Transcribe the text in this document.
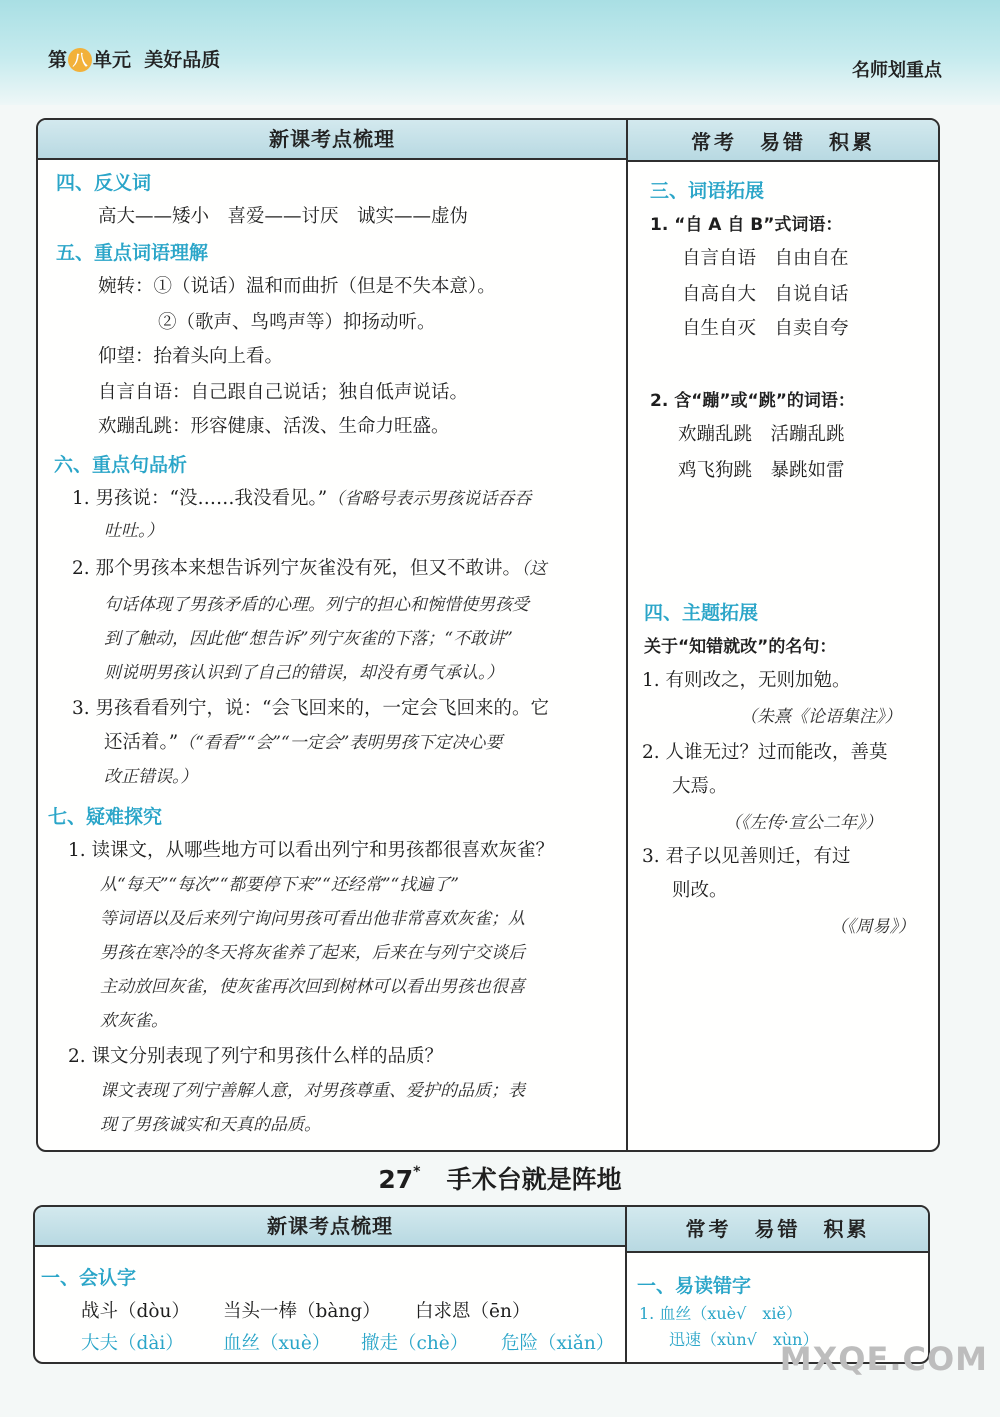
第 八 单元 美好品质	名师划重点
新课考点梳理	常考　易错　积累
四、反义词
高大——矮小　喜爱——讨厌　诚实——虚伪
五、重点词语理解
婉转：①（说话）温和而曲折（但是不失本意）。
②（歌声、鸟鸣声等）抑扬动听。
仰望：抬着头向上看。
自言自语：自己跟自己说话；独自低声说话。
欢蹦乱跳：形容健康、活泼、生命力旺盛。
六、重点句品析
1. 男孩说：“没……我没看见。”（省略号表示男孩说话吞吞
吐吐。）
2. 那个男孩本来想告诉列宁灰雀没有死，但又不敢讲。（这
句话体现了男孩矛盾的心理。列宁的担心和惋惜使男孩受
到了触动，因此他“想告诉”列宁灰雀的下落；“不敢讲”
则说明男孩认识到了自己的错误，却没有勇气承认。）
3. 男孩看看列宁，说：“会飞回来的，一定会飞回来的。它
还活着。”（“看看”“会”“一定会”表明男孩下定决心要
改正错误。）
七、疑难探究
1. 读课文，从哪些地方可以看出列宁和男孩都很喜欢灰雀？
从“每天”“每次”“都要停下来”“还经常”“找遍了”
等词语以及后来列宁询问男孩可看出他非常喜欢灰雀；从
男孩在寒冷的冬天将灰雀养了起来，后来在与列宁交谈后
主动放回灰雀，使灰雀再次回到树林可以看出男孩也很喜
欢灰雀。
2. 课文分别表现了列宁和男孩什么样的品质？
课文表现了列宁善解人意，对男孩尊重、爱护的品质；表
现了男孩诚实和天真的品质。
三、词语拓展
1. “自 A 自 B”式词语：
自言自语　自由自在
自高自大　自说自话
自生自灭　自卖自夸
2. 含“蹦”或“跳”的词语：
欢蹦乱跳　活蹦乱跳
鸡飞狗跳　暴跳如雷
四、主题拓展
关于“知错就改”的名句：
1. 有则改之，无则加勉。
（朱熹《论语集注》）
2. 人谁无过？过而能改，善莫
大焉。
（《左传·宣公二年》）
3. 君子以见善则迁，有过
则改。
（《周易》）
27* 手术台就是阵地
新课考点梳理	常考　易错　积累
一、会认字
战斗（dòu） 当头一棒（bàng） 白求恩（ēn）
大夫（dài） 血丝（xuè） 撤走（chè） 危险（xiǎn）
一、易读错字
1. 血丝（xuè√　xiě）
迅速（xùn√　xùn）
MXQE.COM
